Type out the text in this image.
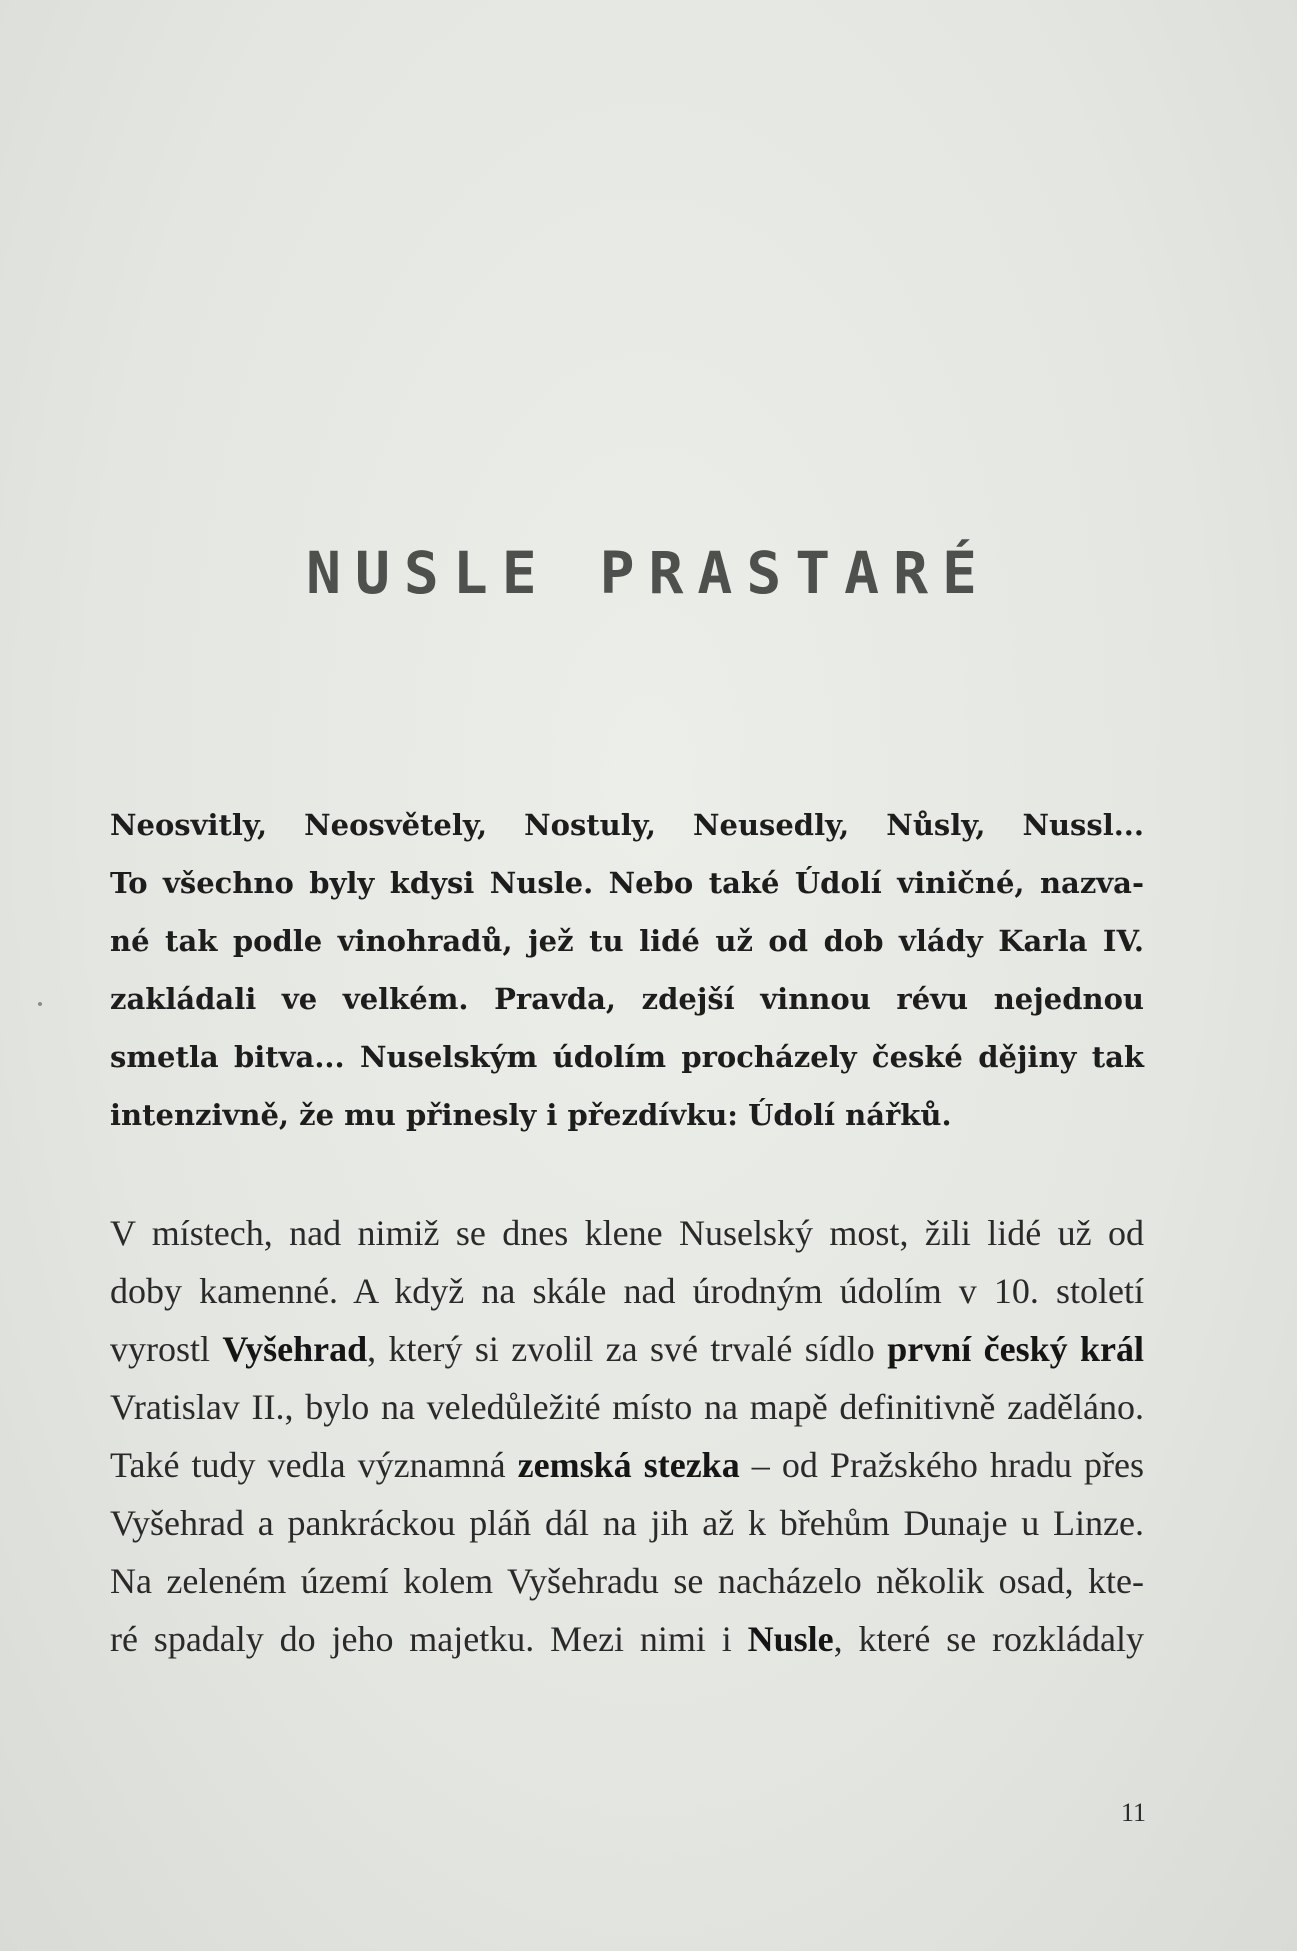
NUSLE PRASTARÉ

Neosvitly, Neosvětely, Nostuly, Neusedly, Nůsly, Nussl...
To všechno byly kdysi Nusle. Nebo také Údolí viničné, nazva-
né tak podle vinohradů, jež tu lidé už od dob vlády Karla IV.
zakládali ve velkém. Pravda, zdejší vinnou révu nejednou
smetla bitva... Nuselským údolím procházely české dějiny tak
intenzivně, že mu přinesly i přezdívku: Údolí nářků.

V místech, nad nimiž se dnes klene Nuselský most, žili lidé už od
doby kamenné. A když na skále nad úrodným údolím v 10. století
vyrostl Vyšehrad, který si zvolil za své trvalé sídlo první český král
Vratislav II., bylo na veledůležité místo na mapě definitivně zaděláno.
Také tudy vedla významná zemská stezka – od Pražského hradu přes
Vyšehrad a pankráckou pláň dál na jih až k břehům Dunaje u Linze.
Na zeleném území kolem Vyšehradu se nacházelo několik osad, kte-
ré spadaly do jeho majetku. Mezi nimi i Nusle, které se rozkládaly

11
